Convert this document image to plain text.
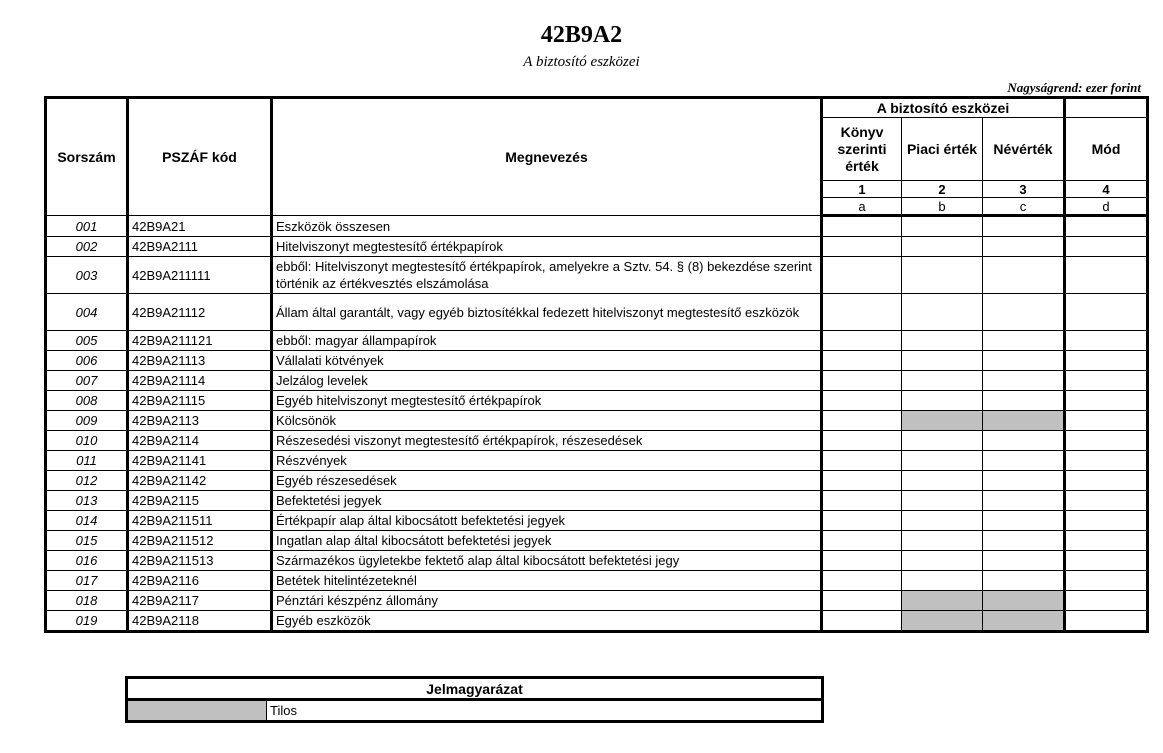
42B9A2
A biztosító eszközei
Nagyságrend: ezer forint
Sorszám	PSZÁF kód	Megnevezés	A biztosító eszközei			
			Könyv szerinti érték	Piaci érték	Névérték	Mód
			1	2	3	4
			a	b	c	d
001	42B9A21	Eszközök összesen				
002	42B9A2111	Hitelviszonyt megtestesítő értékpapírok				
003	42B9A211111	ebből: Hitelviszonyt megtestesítő értékpapírok, amelyekre a Sztv. 54. § (8) bekezdése szerint történik az értékvesztés elszámolása				
004	42B9A21112	Állam által garantált, vagy egyéb biztosítékkal fedezett hitelviszonyt megtestesítő eszközök				
005	42B9A211121	ebből: magyar állampapírok				
006	42B9A21113	Vállalati kötvények				
007	42B9A21114	Jelzálog levelek				
008	42B9A21115	Egyéb hitelviszonyt megtestesítő értékpapírok				
009	42B9A2113	Kölcsönök				
010	42B9A2114	Részesedési viszonyt megtestesítő értékpapírok, részesedések				
011	42B9A21141	Részvények				
012	42B9A21142	Egyéb részesedések				
013	42B9A2115	Befektetési jegyek				
014	42B9A211511	Értékpapír alap által kibocsátott befektetési jegyek				
015	42B9A211512	Ingatlan alap által kibocsátott befektetési jegyek				
016	42B9A211513	Származékos ügyletekbe fektető alap által kibocsátott befektetési jegy				
017	42B9A2116	Betétek hitelintézeteknél				
018	42B9A2117	Pénztári készpénz állomány				
019	42B9A2118	Egyéb eszközök				
Jelmagyarázat
	Tilos
